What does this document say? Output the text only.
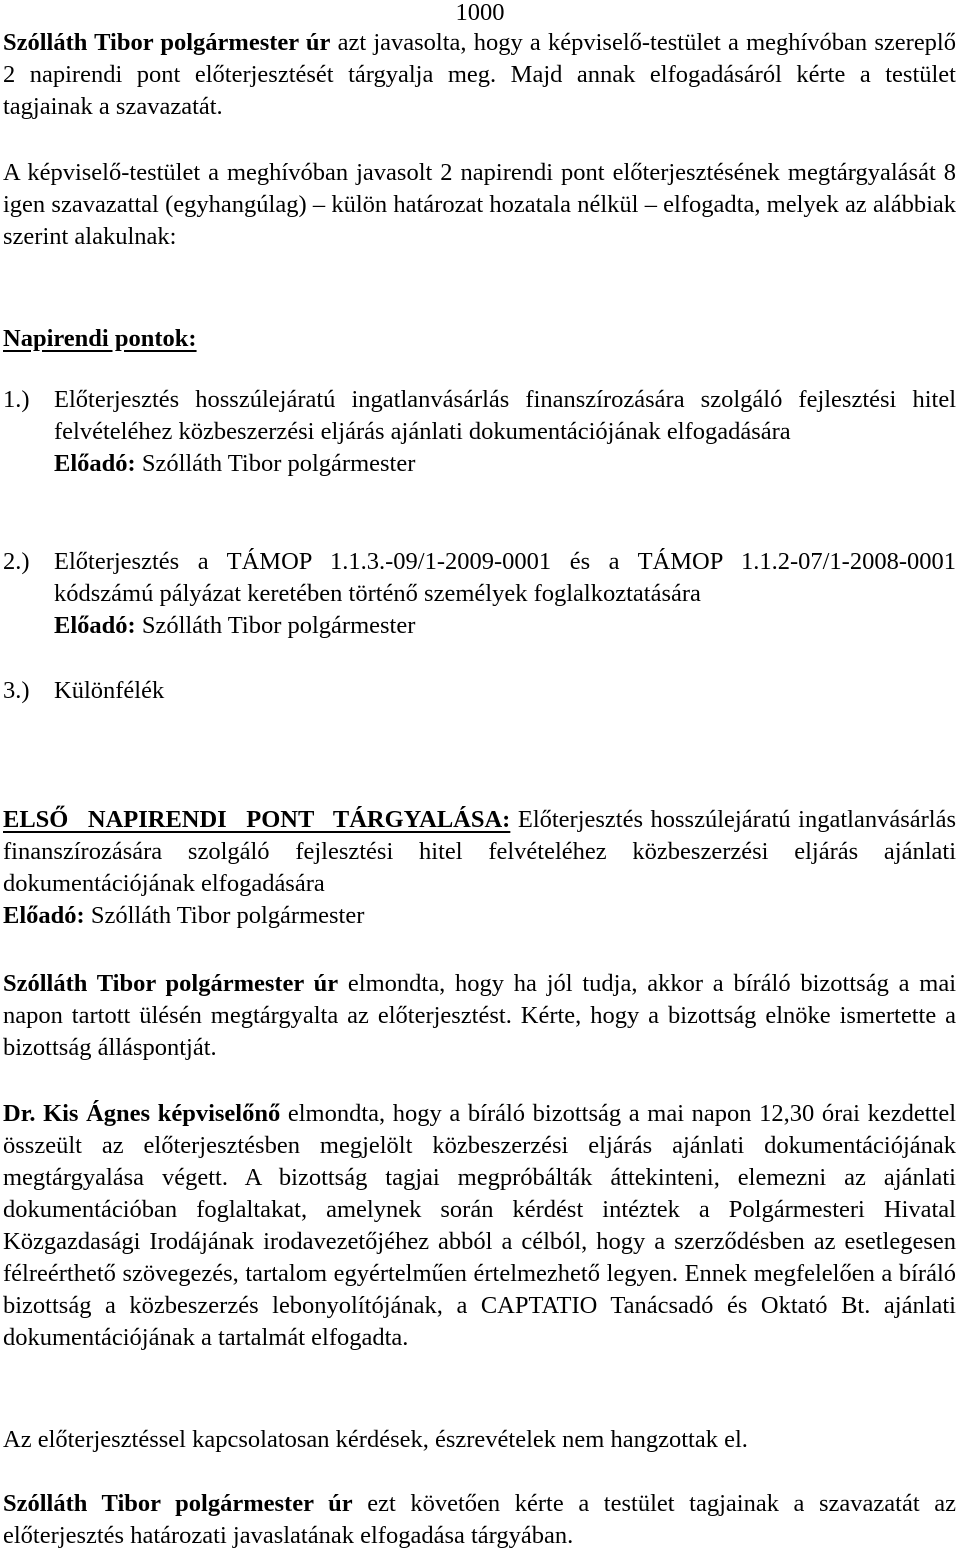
1000

Szólláth Tibor polgármester úr azt javasolta, hogy a képviselő-testület a meghívóban szereplő 2 napirendi pont előterjesztését tárgyalja meg. Majd annak elfogadásáról kérte a testület tagjainak a szavazatát.

A képviselő-testület a meghívóban javasolt 2 napirendi pont előterjesztésének megtárgyalását 8 igen szavazattal (egyhangúlag) – külön határozat hozatala nélkül – elfogadta, melyek az alábbiak szerint alakulnak:

Napirendi pontok:

1.) Előterjesztés hosszúlejáratú ingatlanvásárlás finanszírozására szolgáló fejlesztési hitel felvételéhez közbeszerzési eljárás ajánlati dokumentációjának elfogadására
Előadó: Szólláth Tibor polgármester
2.) Előterjesztés a TÁMOP 1.1.3.-09/1-2009-0001 és a TÁMOP 1.1.2-07/1-2008-0001 kódszámú pályázat keretében történő személyek foglalkoztatására
Előadó: Szólláth Tibor polgármester
3.) Különfélék

ELSŐ NAPIRENDI PONT TÁRGYALÁSA: Előterjesztés hosszúlejáratú ingatlanvásárlás finanszírozására szolgáló fejlesztési hitel felvételéhez közbeszerzési eljárás ajánlati dokumentációjának elfogadására
Előadó: Szólláth Tibor polgármester

Szólláth Tibor polgármester úr elmondta, hogy ha jól tudja, akkor a bíráló bizottság a mai napon tartott ülésén megtárgyalta az előterjesztést. Kérte, hogy a bizottság elnöke ismertette a bizottság álláspontját.

Dr. Kis Ágnes képviselőnő elmondta, hogy a bíráló bizottság a mai napon 12,30 órai kezdettel összeült az előterjesztésben megjelölt közbeszerzési eljárás ajánlati dokumentációjának megtárgyalása végett. A bizottság tagjai megpróbálták áttekinteni, elemezni az ajánlati dokumentációban foglaltakat, amelynek során kérdést intéztek a Polgármesteri Hivatal Közgazdasági Irodájának irodavezetőjéhez abból a célból, hogy a szerződésben az esetlegesen félreérthető szövegezés, tartalom egyértelműen értelmezhető legyen. Ennek megfelelően a bíráló bizottság a közbeszerzés lebonyolítójának, a CAPTATIO Tanácsadó és Oktató Bt. ajánlati dokumentációjának a tartalmát elfogadta.

Az előterjesztéssel kapcsolatosan kérdések, észrevételek nem hangzottak el.

Szólláth Tibor polgármester úr ezt követően kérte a testület tagjainak a szavazatát az előterjesztés határozati javaslatának elfogadása tárgyában.
